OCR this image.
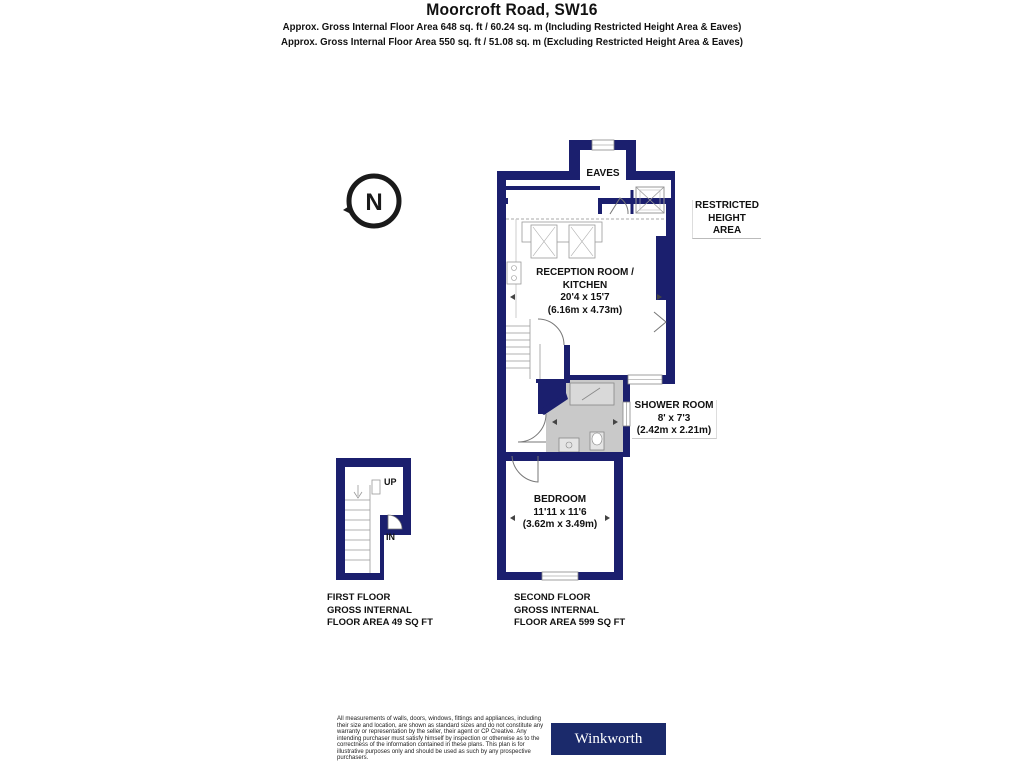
Moorcroft Road, SW16
Approx. Gross Internal Floor Area 648 sq. ft / 60.24 sq. m (Including Restricted Height Area & Eaves)
Approx. Gross Internal Floor Area 550 sq. ft / 51.08 sq. m (Excluding Restricted Height Area & Eaves)
N
EAVES
RESTRICTED
HEIGHT
AREA
RECEPTION ROOM /
KITCHEN
20'4 x 15'7
(6.16m x 4.73m)
SHOWER ROOM
8' x 7'3
(2.42m x 2.21m)
BEDROOM
11'11 x 11'6
(3.62m x 3.49m)
UP
IN
FIRST FLOOR
GROSS INTERNAL
FLOOR AREA 49 SQ FT
SECOND FLOOR
GROSS INTERNAL
FLOOR AREA 599 SQ FT
All measurements of walls, doors, windows, fittings and appliances, including their size and location, are shown as standard sizes and do not constitute any warranty or representation by the seller, their agent or CP Creative. Any intending purchaser must satisfy himself by inspection or otherwise as to the correctness of the information contained in these plans. This plan is for illustrative purposes only and should be used as such by any prospective purchasers.
Winkworth
